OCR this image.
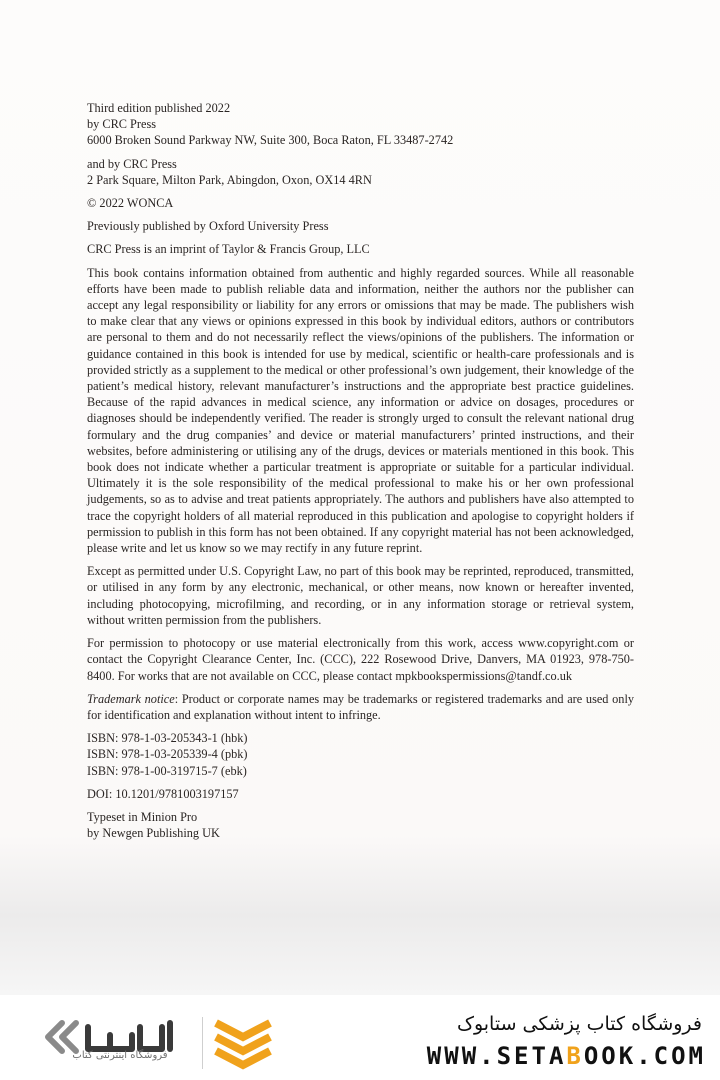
Third edition published 2022
by CRC Press
6000 Broken Sound Parkway NW, Suite 300, Boca Raton, FL 33487-2742

and by CRC Press
2 Park Square, Milton Park, Abingdon, Oxon, OX14 4RN

© 2022 WONCA

Previously published by Oxford University Press

CRC Press is an imprint of Taylor & Francis Group, LLC

This book contains information obtained from authentic and highly regarded sources. While all reasonable efforts have been made to publish reliable data and information, neither the authors nor the publisher can accept any legal responsibility or liability for any errors or omissions that may be made. The publishers wish to make clear that any views or opinions expressed in this book by individual editors, authors or contributors are personal to them and do not necessarily reflect the views/opinions of the publishers. The information or guidance contained in this book is intended for use by medical, scientific or health-care professionals and is provided strictly as a supplement to the medical or other professional’s own judgement, their knowledge of the patient’s medical history, relevant manufacturer’s instructions and the appropriate best practice guidelines. Because of the rapid advances in medical science, any information or advice on dosages, procedures or diagnoses should be independently verified. The reader is strongly urged to consult the relevant national drug formulary and the drug companies’ and device or material manufacturers’ printed instructions, and their websites, before administering or utilising any of the drugs, devices or materials mentioned in this book. This book does not indicate whether a particular treatment is appropriate or suitable for a particular individual. Ultimately it is the sole responsibility of the medical professional to make his or her own professional judgements, so as to advise and treat patients appropriately. The authors and publishers have also attempted to trace the copyright holders of all material reproduced in this publication and apologise to copyright holders if permission to publish in this form has not been obtained. If any copyright material has not been acknowledged, please write and let us know so we may rectify in any future reprint.

Except as permitted under U.S. Copyright Law, no part of this book may be reprinted, reproduced, transmitted, or utilised in any form by any electronic, mechanical, or other means, now known or hereafter invented, including photocopying, microfilming, and recording, or in any information storage or retrieval system, without written permission from the publishers.

For permission to photocopy or use material electronically from this work, access www.copyright.com or contact the Copyright Clearance Center, Inc. (CCC), 222 Rosewood Drive, Danvers, MA 01923, 978-750-8400. For works that are not available on CCC, please contact mpkbookspermissions@tandf.co.uk

Trademark notice: Product or corporate names may be trademarks or registered trademarks and are used only for identification and explanation without intent to infringe.

ISBN: 978-1-03-205343-1 (hbk)
ISBN: 978-1-03-205339-4 (pbk)
ISBN: 978-1-00-319715-7 (ebk)

DOI: 10.1201/9781003197157

Typeset in Minion Pro
by Newgen Publishing UK

فروشگاه اینترنتی کتاب
فروشگاه کتاب پزشکی ستابوک
WWW.SETABOOK.COM
